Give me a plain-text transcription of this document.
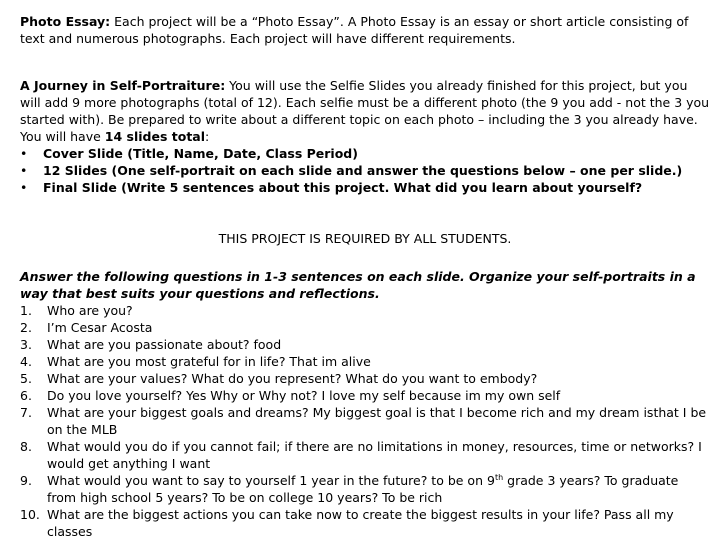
Photo Essay: Each project will be a “Photo Essay”. A Photo Essay is an essay or short article consisting of text and numerous photographs. Each project will have different requirements.
A Journey in Self-Portraiture: You will use the Selfie Slides you already finished for this project, but you will add 9 more photographs (total of 12). Each selfie must be a different photo (the 9 you add - not the 3 you started with). Be prepared to write about a different topic on each photo – including the 3 you already have. You will have 14 slides total:
• Cover Slide (Title, Name, Date, Class Period)
• 12 Slides (One self-portrait on each slide and answer the questions below – one per slide.)
• Final Slide (Write 5 sentences about this project. What did you learn about yourself?
THIS PROJECT IS REQUIRED BY ALL STUDENTS.
Answer the following questions in 1-3 sentences on each slide. Organize your self-portraits in a way that best suits your questions and reflections.
1. Who are you?
2. I’m Cesar Acosta
3. What are you passionate about? food
4. What are you most grateful for in life? That im alive
5. What are your values? What do you represent? What do you want to embody?
6. Do you love yourself? Yes Why or Why not? I love my self because im my own self
7. What are your biggest goals and dreams? My biggest goal is that I become rich and my dream isthat I be on the MLB
8. What would you do if you cannot fail; if there are no limitations in money, resources, time or networks? I would get anything I want
9. What would you want to say to yourself 1 year in the future? to be on 9th grade 3 years? To graduate from high school 5 years? To be on college 10 years? To be rich
10. What are the biggest actions you can take now to create the biggest results in your life? Pass all my classes
